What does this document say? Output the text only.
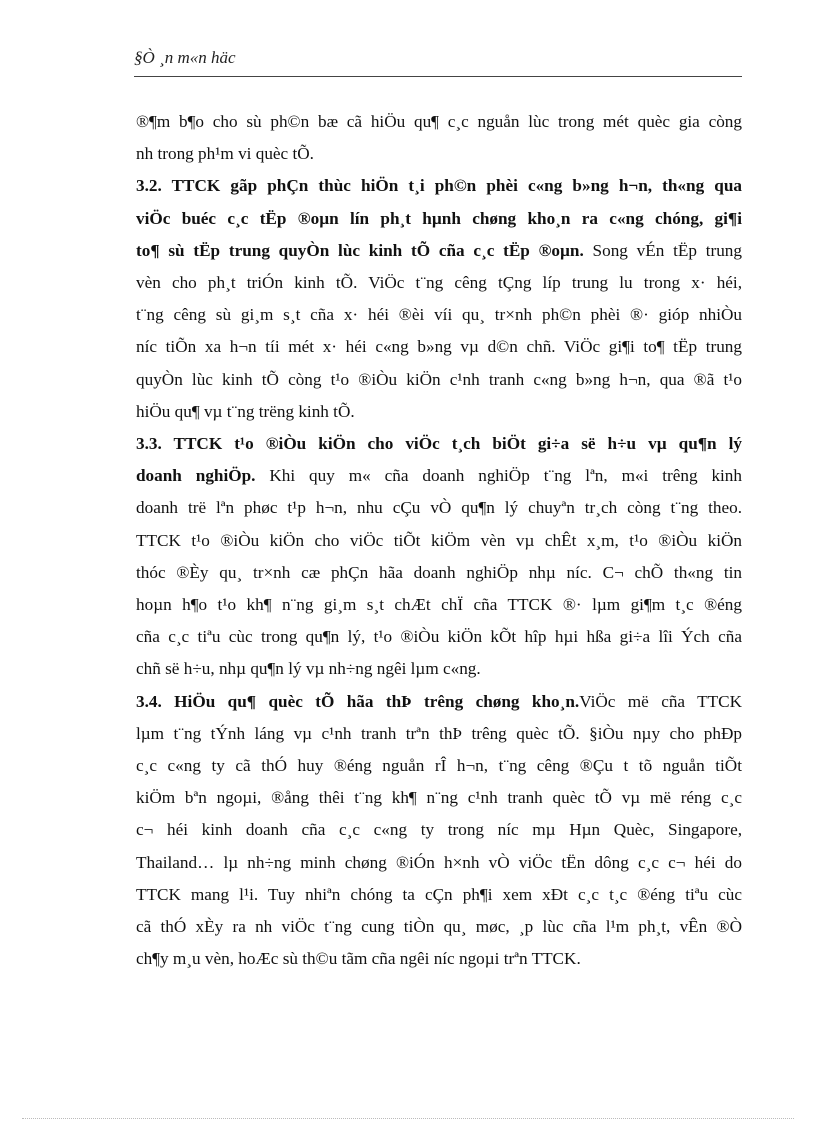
§Ò ¸n m«n häc
®¶m b¶o cho sù ph©n bæ cã hiÖu qu¶ c¸c nguån lùc trong mét quèc gia còng
nh trong ph¹m vi quèc tÕ.
3.2. TTCK gãp phÇn thùc hiÖn t¸i ph©n phèi c«ng b»ng h¬n, th«ng qua
viÖc buéc c¸c tËp ®oµn lín ph¸t hµnh chøng kho¸n ra c«ng chóng, gi¶i
to¶ sù tËp trung quyÒn lùc kinh tÕ cña c¸c tËp ®oµn. Song vÉn tËp trung
vèn cho ph¸t triÓn kinh tÕ. ViÖc t¨ng cêng tÇng líp trung lu trong x· héi,
t¨ng cêng sù gi¸m s¸t cña x· héi ®èi víi qu¸ tr×nh ph©n phèi ®· gióp nhiÒu
níc tiÕn xa h¬n tíi mét x· héi c«ng b»ng vµ d©n chñ. ViÖc gi¶i to¶ tËp trung
quyÒn lùc kinh tÕ còng t¹o ®iÒu kiÖn c¹nh tranh c«ng b»ng h¬n, qua ®ã t¹o
hiÖu qu¶ vµ t¨ng trëng kinh tÕ.
3.3. TTCK t¹o ®iÒu kiÖn cho viÖc t¸ch biÖt gi÷a së h÷u vµ qu¶n lý
doanh nghiÖp. Khi quy m« cña doanh nghiÖp t¨ng lªn, m«i trêng kinh
doanh trë lªn phøc t¹p h¬n, nhu cÇu vÒ qu¶n lý chuyªn tr¸ch còng t¨ng theo.
TTCK t¹o ®iÒu kiÖn cho viÖc tiÕt kiÖm vèn vµ chÊt x¸m, t¹o ®iÒu kiÖn
thóc ®Èy qu¸ tr×nh cæ phÇn hãa doanh nghiÖp nhµ níc. C¬ chÕ th«ng tin
hoµn h¶o t¹o kh¶ n¨ng gi¸m s¸t chÆt chÏ cña TTCK ®· lµm gi¶m t¸c ®éng
cña c¸c tiªu cùc trong qu¶n lý, t¹o ®iÒu kiÖn kÕt hîp hµi hßa gi÷a lîi Ých cña
chñ së h÷u, nhµ qu¶n lý vµ nh÷ng ngêi lµm c«ng.
3.4. HiÖu qu¶ quèc tÕ hãa thÞ trêng chøng kho¸n.ViÖc më cña TTCK
lµm t¨ng tÝnh láng vµ c¹nh tranh trªn thÞ trêng quèc tÕ. §iÒu nµy cho phÐp
c¸c c«ng ty cã thÓ huy ®éng nguån rÎ h¬n, t¨ng cêng ®Çu t tõ nguån tiÕt
kiÖm bªn ngoµi, ®ång thêi t¨ng kh¶ n¨ng c¹nh tranh quèc tÕ vµ më réng c¸c
c¬ héi kinh doanh cña c¸c c«ng ty trong níc mµ Hµn Quèc, Singapore,
Thailand… lµ nh÷ng minh chøng ®iÓn h×nh vÒ viÖc tËn dông c¸c c¬ héi do
TTCK mang l¹i. Tuy nhiªn chóng ta cÇn ph¶i xem xÐt c¸c t¸c ®éng tiªu cùc
cã thÓ xÈy ra nh viÖc t¨ng cung tiÒn qu¸ møc, ¸p lùc cña l¹m ph¸t, vÊn ®Ò
ch¶y m¸u vèn, hoÆc sù th©u tãm cña ngêi níc ngoµi trªn TTCK.
